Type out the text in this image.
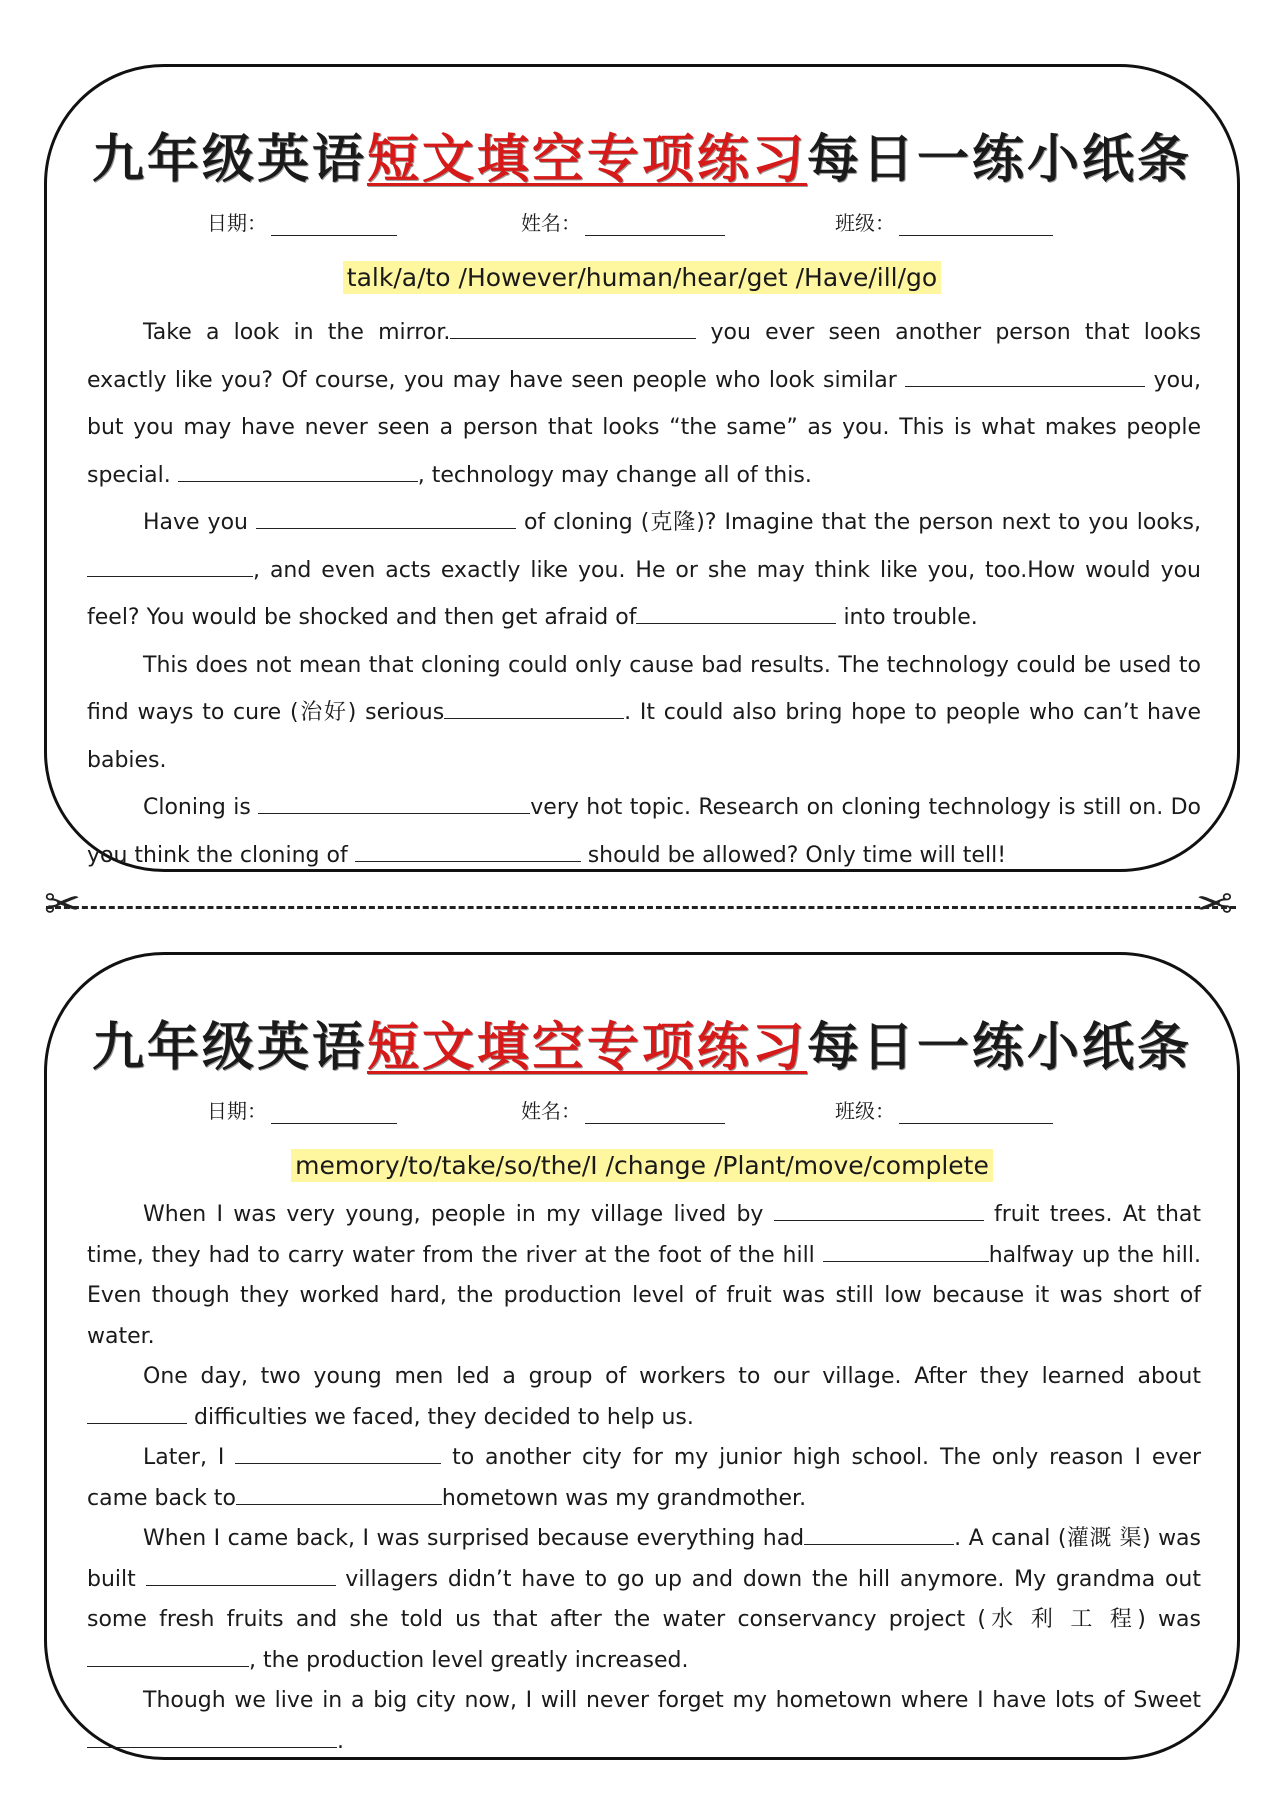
九年级英语短文填空专项练习每日一练小纸条
日期：	姓名：	班级：
talk/a/to /However/human/hear/get /Have/ill/go

Take a look in the mirror.	you ever seen another person that looks exactly like you? Of course, you may have seen people who look similar	you, but you may have never seen a person that looks “the same” as you. This is what makes people special.	, technology may change all of this.

Have you	of cloning (克隆)? Imagine that the person next to you looks, , and even acts exactly like you. He or she may think like you, too.How would you feel? You would be shocked and then get afraid of	into trouble.

This does not mean that cloning could only cause bad results. The technology could be used to find ways to cure (治好) serious	. It could also bring hope to people who can’t have babies.

Cloning is	very hot topic. Research on cloning technology is still on. Do you think the cloning of	should be allowed? Only time will tell!

✂	✂
九年级英语短文填空专项练习每日一练小纸条
日期：	姓名：	班级：
memory/to/take/so/the/I /change /Plant/move/complete

When I was very young, people in my village lived by	fruit trees. At that time, they had to carry water from the river at the foot of the hill	halfway up the hill. Even though they worked hard, the production level of fruit was still low because it was short of water.

One day, two young men led a group of workers to our village. After they learned about  difficulties we faced, they decided to help us.

Later, I	to another city for my junior high school. The only reason I ever came back to	hometown was my grandmother.

When I came back, I was surprised because everything had	. A canal (灌溉 渠) was built	villagers didn’t have to go up and down the hill anymore. My grandma out some fresh fruits and she told us that after the water conservancy project (水 利 工 程) was , the production level greatly increased.

Though we live in a big city now, I will never forget my hometown where I have lots of Sweet .
